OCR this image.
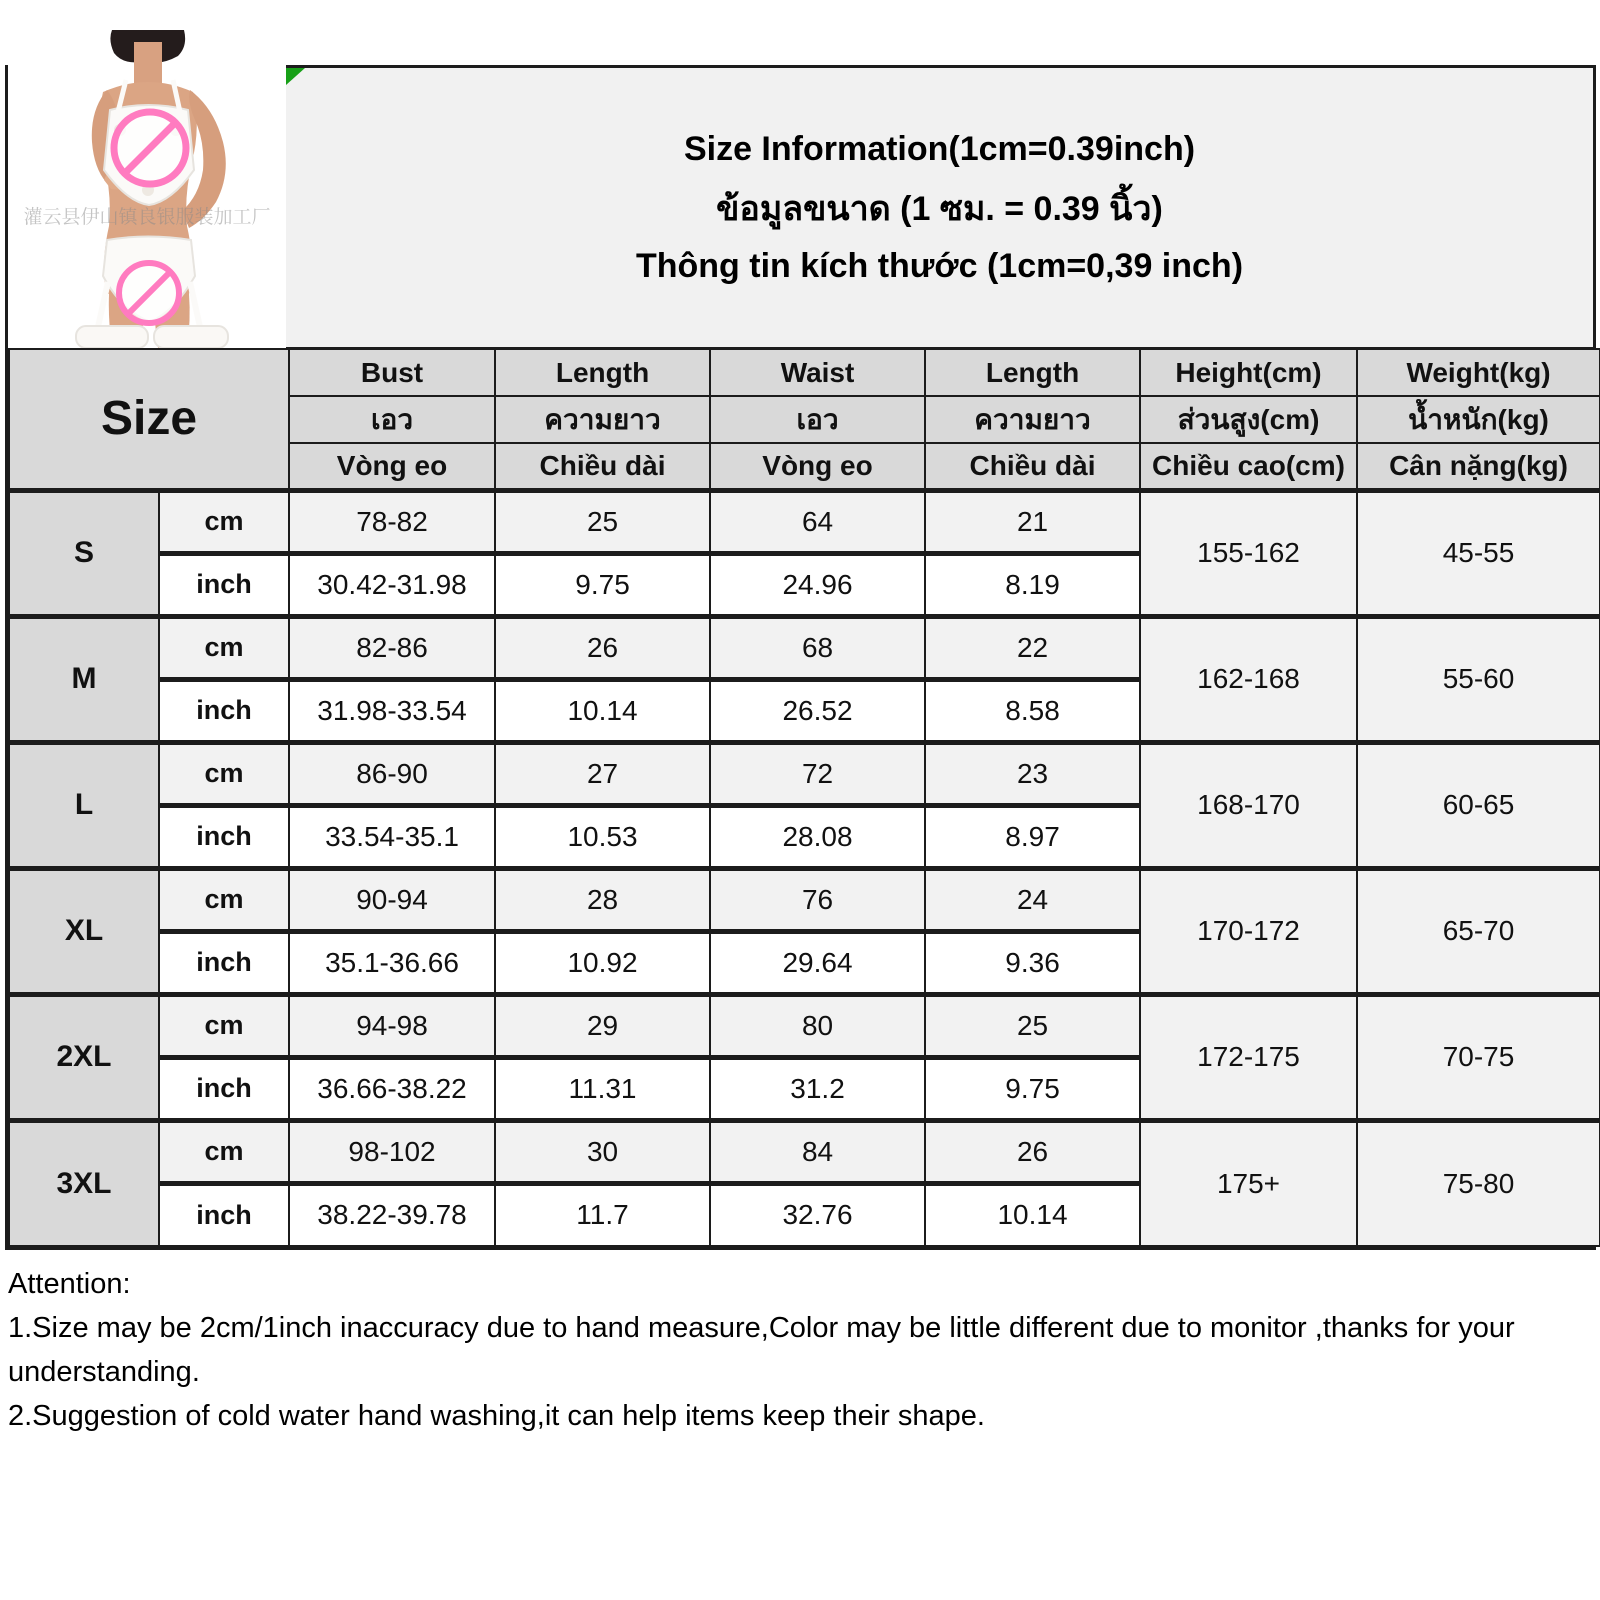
灌云县伊山镇良银服装加工厂
Size Information(1cm=0.39inch)
ข้อมูลขนาด (1 ซม. = 0.39 นิ้ว)
Thông tin kích thước (1cm=0,39 inch)
Size		Bust	Length	Waist	Length	Height(cm)	Weight(kg)
		เอว	ความยาว	เอว	ความยาว	ส่วนสูง(cm)	น้ำหนัก(kg)
		Vòng eo	Chiều dài	Vòng eo	Chiều dài	Chiều cao(cm)	Cân nặng(kg)
S	cm	78-82	25	64	21	155-162	45-55
	inch	30.42-31.98	9.75	24.96	8.19		
M	cm	82-86	26	68	22	162-168	55-60
	inch	31.98-33.54	10.14	26.52	8.58		
L	cm	86-90	27	72	23	168-170	60-65
	inch	33.54-35.1	10.53	28.08	8.97		
XL	cm	90-94	28	76	24	170-172	65-70
	inch	35.1-36.66	10.92	29.64	9.36		
2XL	cm	94-98	29	80	25	172-175	70-75
	inch	36.66-38.22	11.31	31.2	9.75		
3XL	cm	98-102	30	84	26	175+	75-80
	inch	38.22-39.78	11.7	32.76	10.14		

Attention:

1.Size may be 2cm/1inch inaccuracy due to hand measure,Color may be little different due to monitor ,thanks for your understanding.

2.Suggestion of cold water hand washing,it can help items keep their shape.
